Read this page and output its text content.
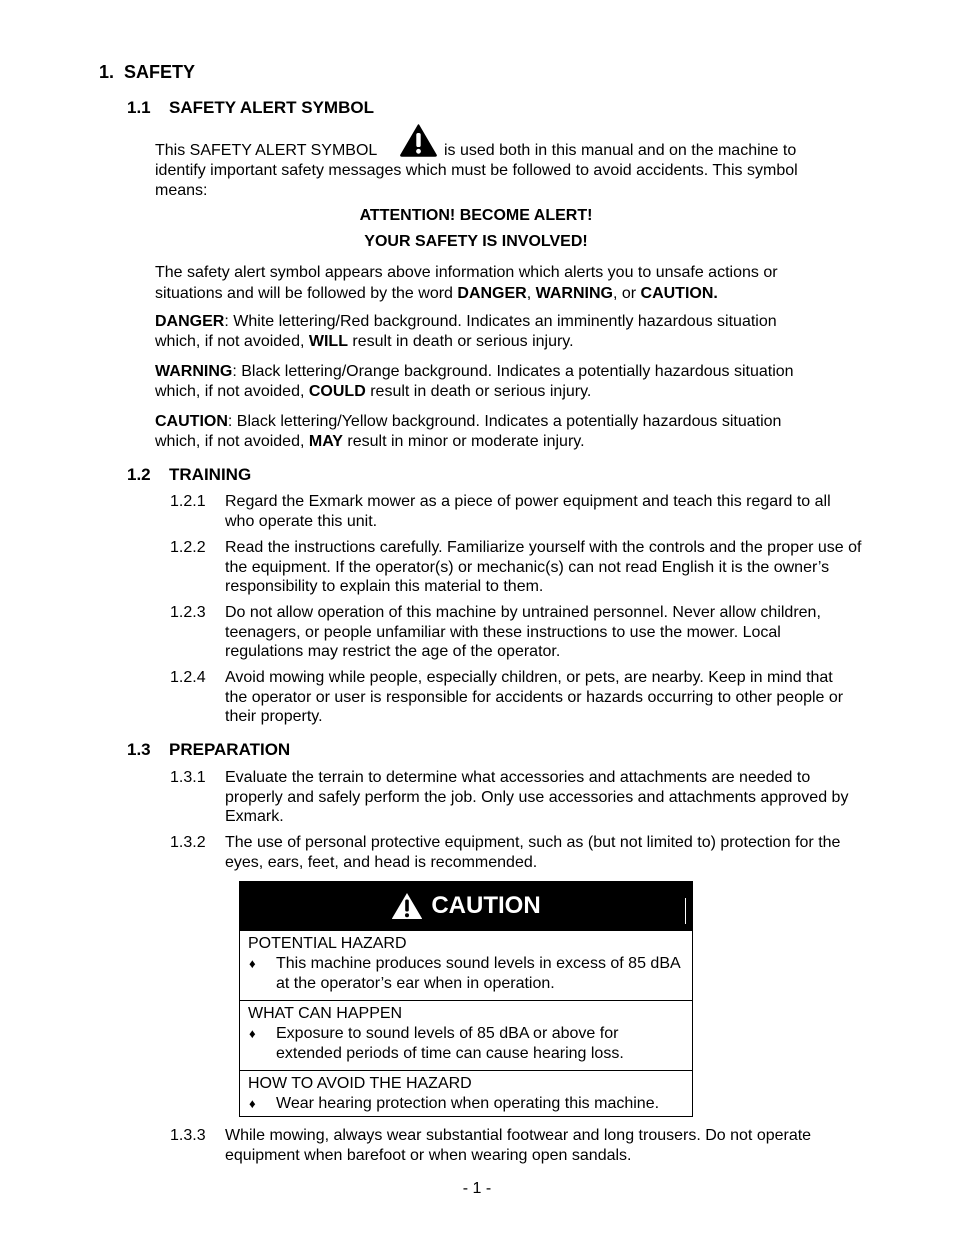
1. SAFETY
1.1 SAFETY ALERT SYMBOL
This SAFETY ALERT SYMBOL	is used both in this manual and on the machine to
identify important safety messages which must be followed to avoid accidents. This symbol
means:
ATTENTION! BECOME ALERT!
YOUR SAFETY IS INVOLVED!
The safety alert symbol appears above information which alerts you to unsafe actions or
situations and will be followed by the word DANGER, WARNING, or CAUTION.
DANGER: White lettering/Red background. Indicates an imminently hazardous situation
which, if not avoided, WILL result in death or serious injury.
WARNING: Black lettering/Orange background. Indicates a potentially hazardous situation
which, if not avoided, COULD result in death or serious injury.
CAUTION: Black lettering/Yellow background. Indicates a potentially hazardous situation
which, if not avoided, MAY result in minor or moderate injury.
1.2 TRAINING
1.2.1	Regard the Exmark mower as a piece of power equipment and teach this regard to all who operate this unit.
1.2.2	Read the instructions carefully. Familiarize yourself with the controls and the proper use of the equipment. If the operator(s) or mechanic(s) can not read English it is the owner’s responsibility to explain this material to them.
1.2.3	Do not allow operation of this machine by untrained personnel. Never allow children, teenagers, or people unfamiliar with these instructions to use the mower. Local regulations may restrict the age of the operator.
1.2.4	Avoid mowing while people, especially children, or pets, are nearby. Keep in mind that the operator or user is responsible for accidents or hazards occurring to other people or their property.
1.3 PREPARATION
1.3.1	Evaluate the terrain to determine what accessories and attachments are needed to properly and safely perform the job. Only use accessories and attachments approved by Exmark.
1.3.2	The use of personal protective equipment, such as (but not limited to) protection for the eyes, ears, feet, and head is recommended.
CAUTION
POTENTIAL HAZARD
♦ This machine produces sound levels in excess of 85 dBA at the operator’s ear when in operation.
WHAT CAN HAPPEN
♦ Exposure to sound levels of 85 dBA or above for extended periods of time can cause hearing loss.
HOW TO AVOID THE HAZARD
♦ Wear hearing protection when operating this machine.
1.3.3	While mowing, always wear substantial footwear and long trousers. Do not operate equipment when barefoot or when wearing open sandals.
- 1 -
